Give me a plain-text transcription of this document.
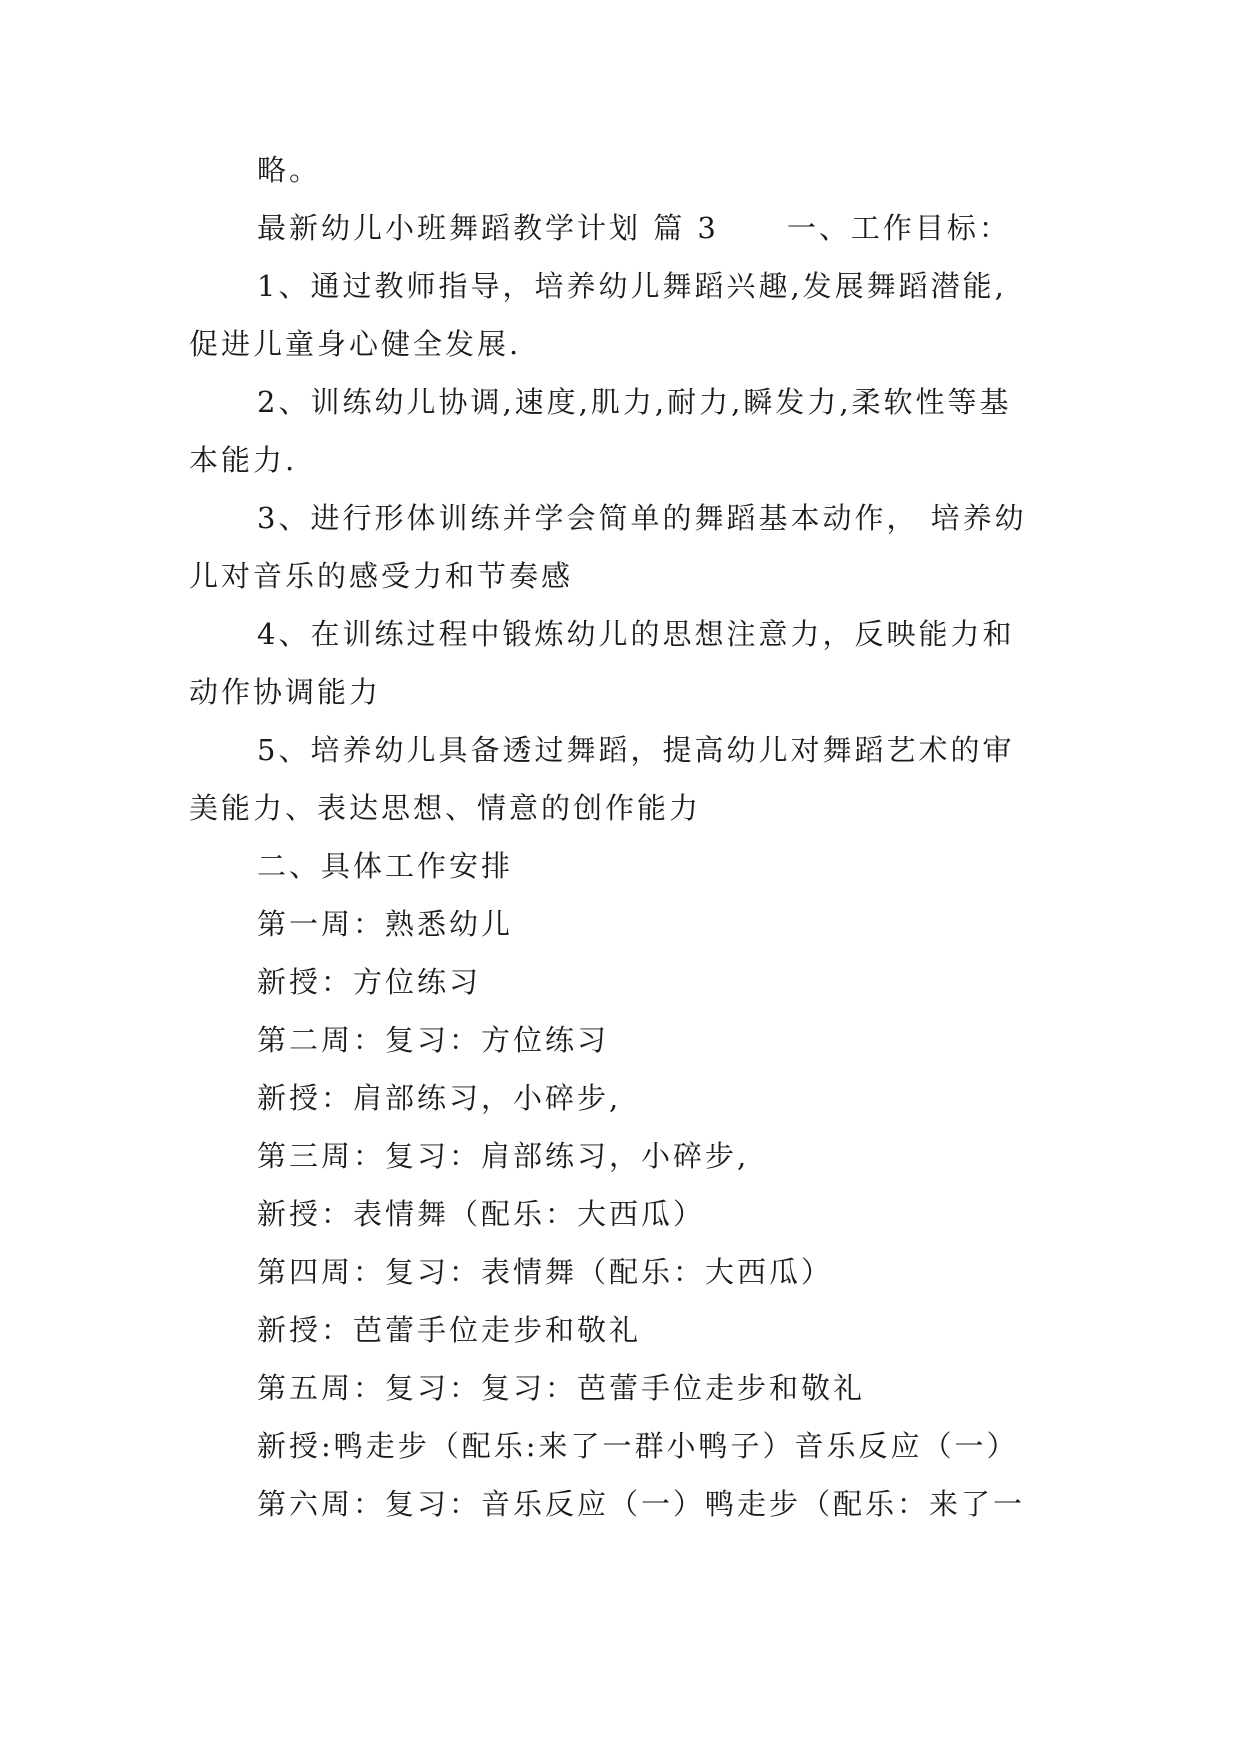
略。
最新幼儿小班舞蹈教学计划 篇 3 一、工作目标：
1、通过教师指导，培养幼儿舞蹈兴趣,发展舞蹈潜能,
促进儿童身心健全发展.
2、训练幼儿协调,速度,肌力,耐力,瞬发力,柔软性等基
本能力.
3、进行形体训练并学会简单的舞蹈基本动作， 培养幼
儿对音乐的感受力和节奏感
4、在训练过程中锻炼幼儿的思想注意力，反映能力和
动作协调能力
5、培养幼儿具备透过舞蹈，提高幼儿对舞蹈艺术的审
美能力、表达思想、情意的创作能力
二、具体工作安排
第一周：熟悉幼儿
新授：方位练习
第二周：复习：方位练习
新授：肩部练习，小碎步,
第三周：复习：肩部练习，小碎步,
新授：表情舞（配乐：大西瓜）
第四周：复习：表情舞（配乐：大西瓜）
新授：芭蕾手位走步和敬礼
第五周：复习：复习：芭蕾手位走步和敬礼
新授:鸭走步（配乐:来了一群小鸭子）音乐反应（一）
第六周：复习：音乐反应（一）鸭走步（配乐：来了一
